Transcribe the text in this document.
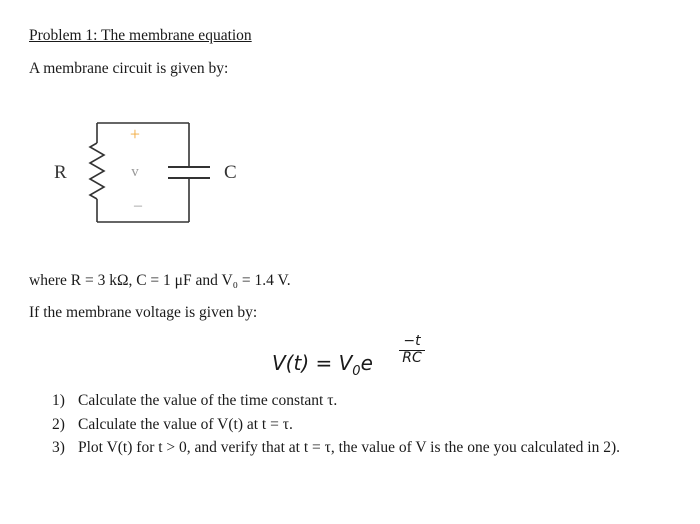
Problem 1: The membrane equation
A membrane circuit is given by:
+
v
–
R	C
where R = 3 kΩ, C = 1 μF and V₀ = 1.4 V.
If the membrane voltage is given by:
$V(t) = V_0e$
−t
RC
1) Calculate the value of the time constant τ.
2) Calculate the value of V(t) at t = τ.
3) Plot V(t) for t > 0, and verify that at t = τ, the value of V is the one you calculated in 2).
